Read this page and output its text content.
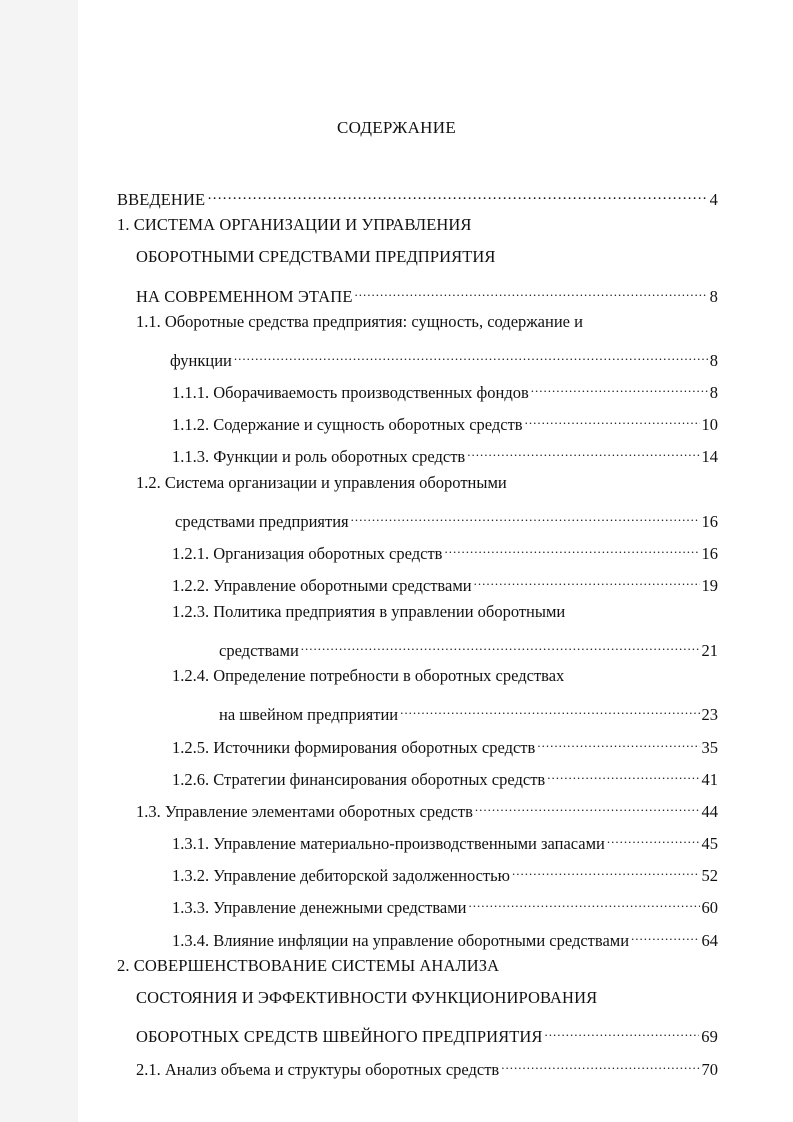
СОДЕРЖАНИЕ
ВВЕДЕНИЕ …………………………………………………………………………………………………………………………………………………………………………	4
1. СИСТЕМА ОРГАНИЗАЦИИ И УПРАВЛЕНИЯ
ОБОРОТНЫМИ СРЕДСТВАМИ ПРЕДПРИЯТИЯ
НА СОВРЕМЕННОМ ЭТАПЕ .....	8
1.1. Оборотные средства предприятия: сущность, содержание и
функции .....	8
1.1.1. Оборачиваемость производственных фондов .....	8
1.1.2. Содержание и сущность оборотных средств .....	10
1.1.3. Функции и роль оборотных средств .....	14
1.2. Система организации и управления оборотными
средствами предприятия .....	16
1.2.1. Организация оборотных средств .....	16
1.2.2. Управление оборотными средствами .....	19
1.2.3. Политика предприятия в управлении оборотными
средствами .....	21
1.2.4. Определение потребности в оборотных средствах
на швейном предприятии .....	23
1.2.5. Источники формирования оборотных средств .....	35
1.2.6. Стратегии финансирования оборотных средств .....	41
1.3. Управление элементами оборотных средств .....	44
1.3.1. Управление материально-производственными запасами .....	45
1.3.2. Управление дебиторской задолженностью .....	52
1.3.3. Управление денежными средствами .....	60
1.3.4. Влияние инфляции на управление оборотными средствами .....	64
2. СОВЕРШЕНСТВОВАНИЕ СИСТЕМЫ АНАЛИЗА
СОСТОЯНИЯ И ЭФФЕКТИВНОСТИ ФУНКЦИОНИРОВАНИЯ
ОБОРОТНЫХ СРЕДСТВ ШВЕЙНОГО ПРЕДПРИЯТИЯ .....	69
2.1. Анализ объема и структуры оборотных средств .....	70
